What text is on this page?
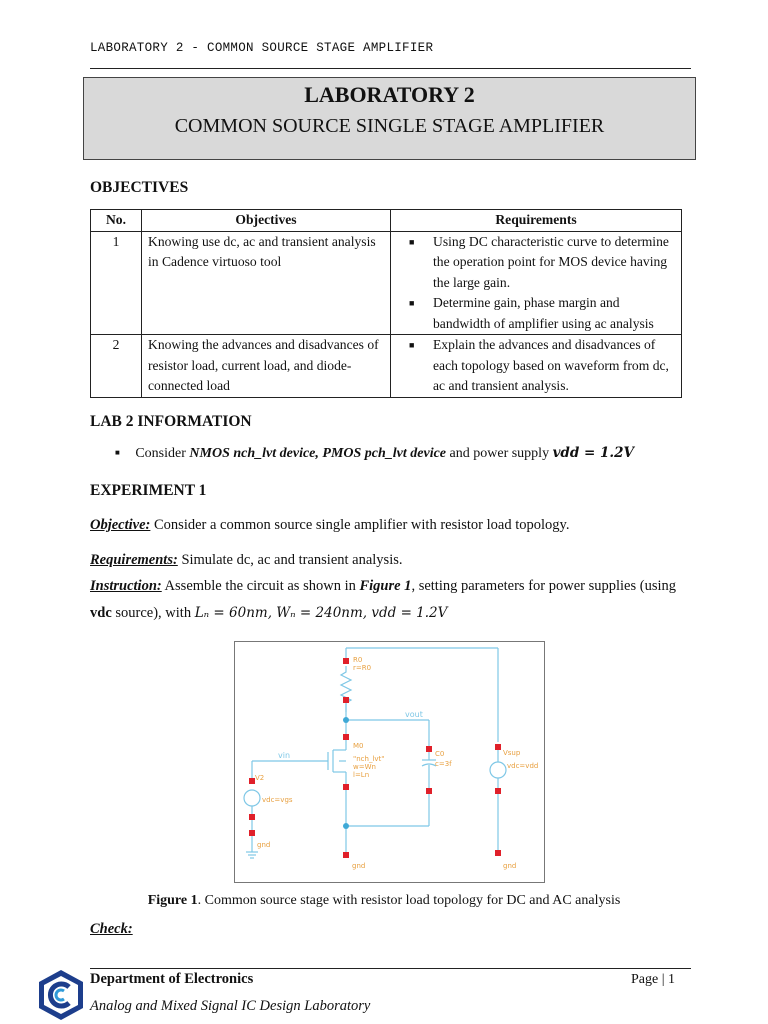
LABORATORY 2 - COMMON SOURCE STAGE AMPLIFIER
LABORATORY 2
COMMON SOURCE SINGLE STAGE AMPLIFIER
OBJECTIVES
No.	Objectives	Requirements
1	Knowing use dc, ac and transient analysis in Cadence virtuoso tool	■ Using DC characteristic curve to determine the operation point for MOS device having the large gain.
■ Determine gain, phase margin and bandwidth of amplifier using ac analysis

2	Knowing the advances and disadvances of resistor load, current load, and diode-connected load	■ Explain the advances and disadvances of each topology based on waveform from dc, ac and transient analysis.
LAB 2 INFORMATION
■ Consider NMOS nch_lvt device, PMOS pch_lvt device and power supply vdd = 1.2V
EXPERIMENT 1
Objective: Consider a common source single amplifier with resistor load topology.
Requirements: Simulate dc, ac and transient analysis.
Instruction: Assemble the circuit as shown in Figure 1, setting parameters for power supplies (using
vdc source), with Lₙ = 60nm, Wₙ = 240nm, vdd = 1.2V
R0
r=R0
M0
"nch_lvt"
w=Wn
l=Ln
C0
c=3f
V2
vdc=vgs
Vsup
vdc=vdd
gnd
gnd	gnd
vout
vin
Figure 1. Common source stage with resistor load topology for DC and AC analysis
Check:
Department of Electronics	Page | 1
Analog and Mixed Signal IC Design Laboratory
